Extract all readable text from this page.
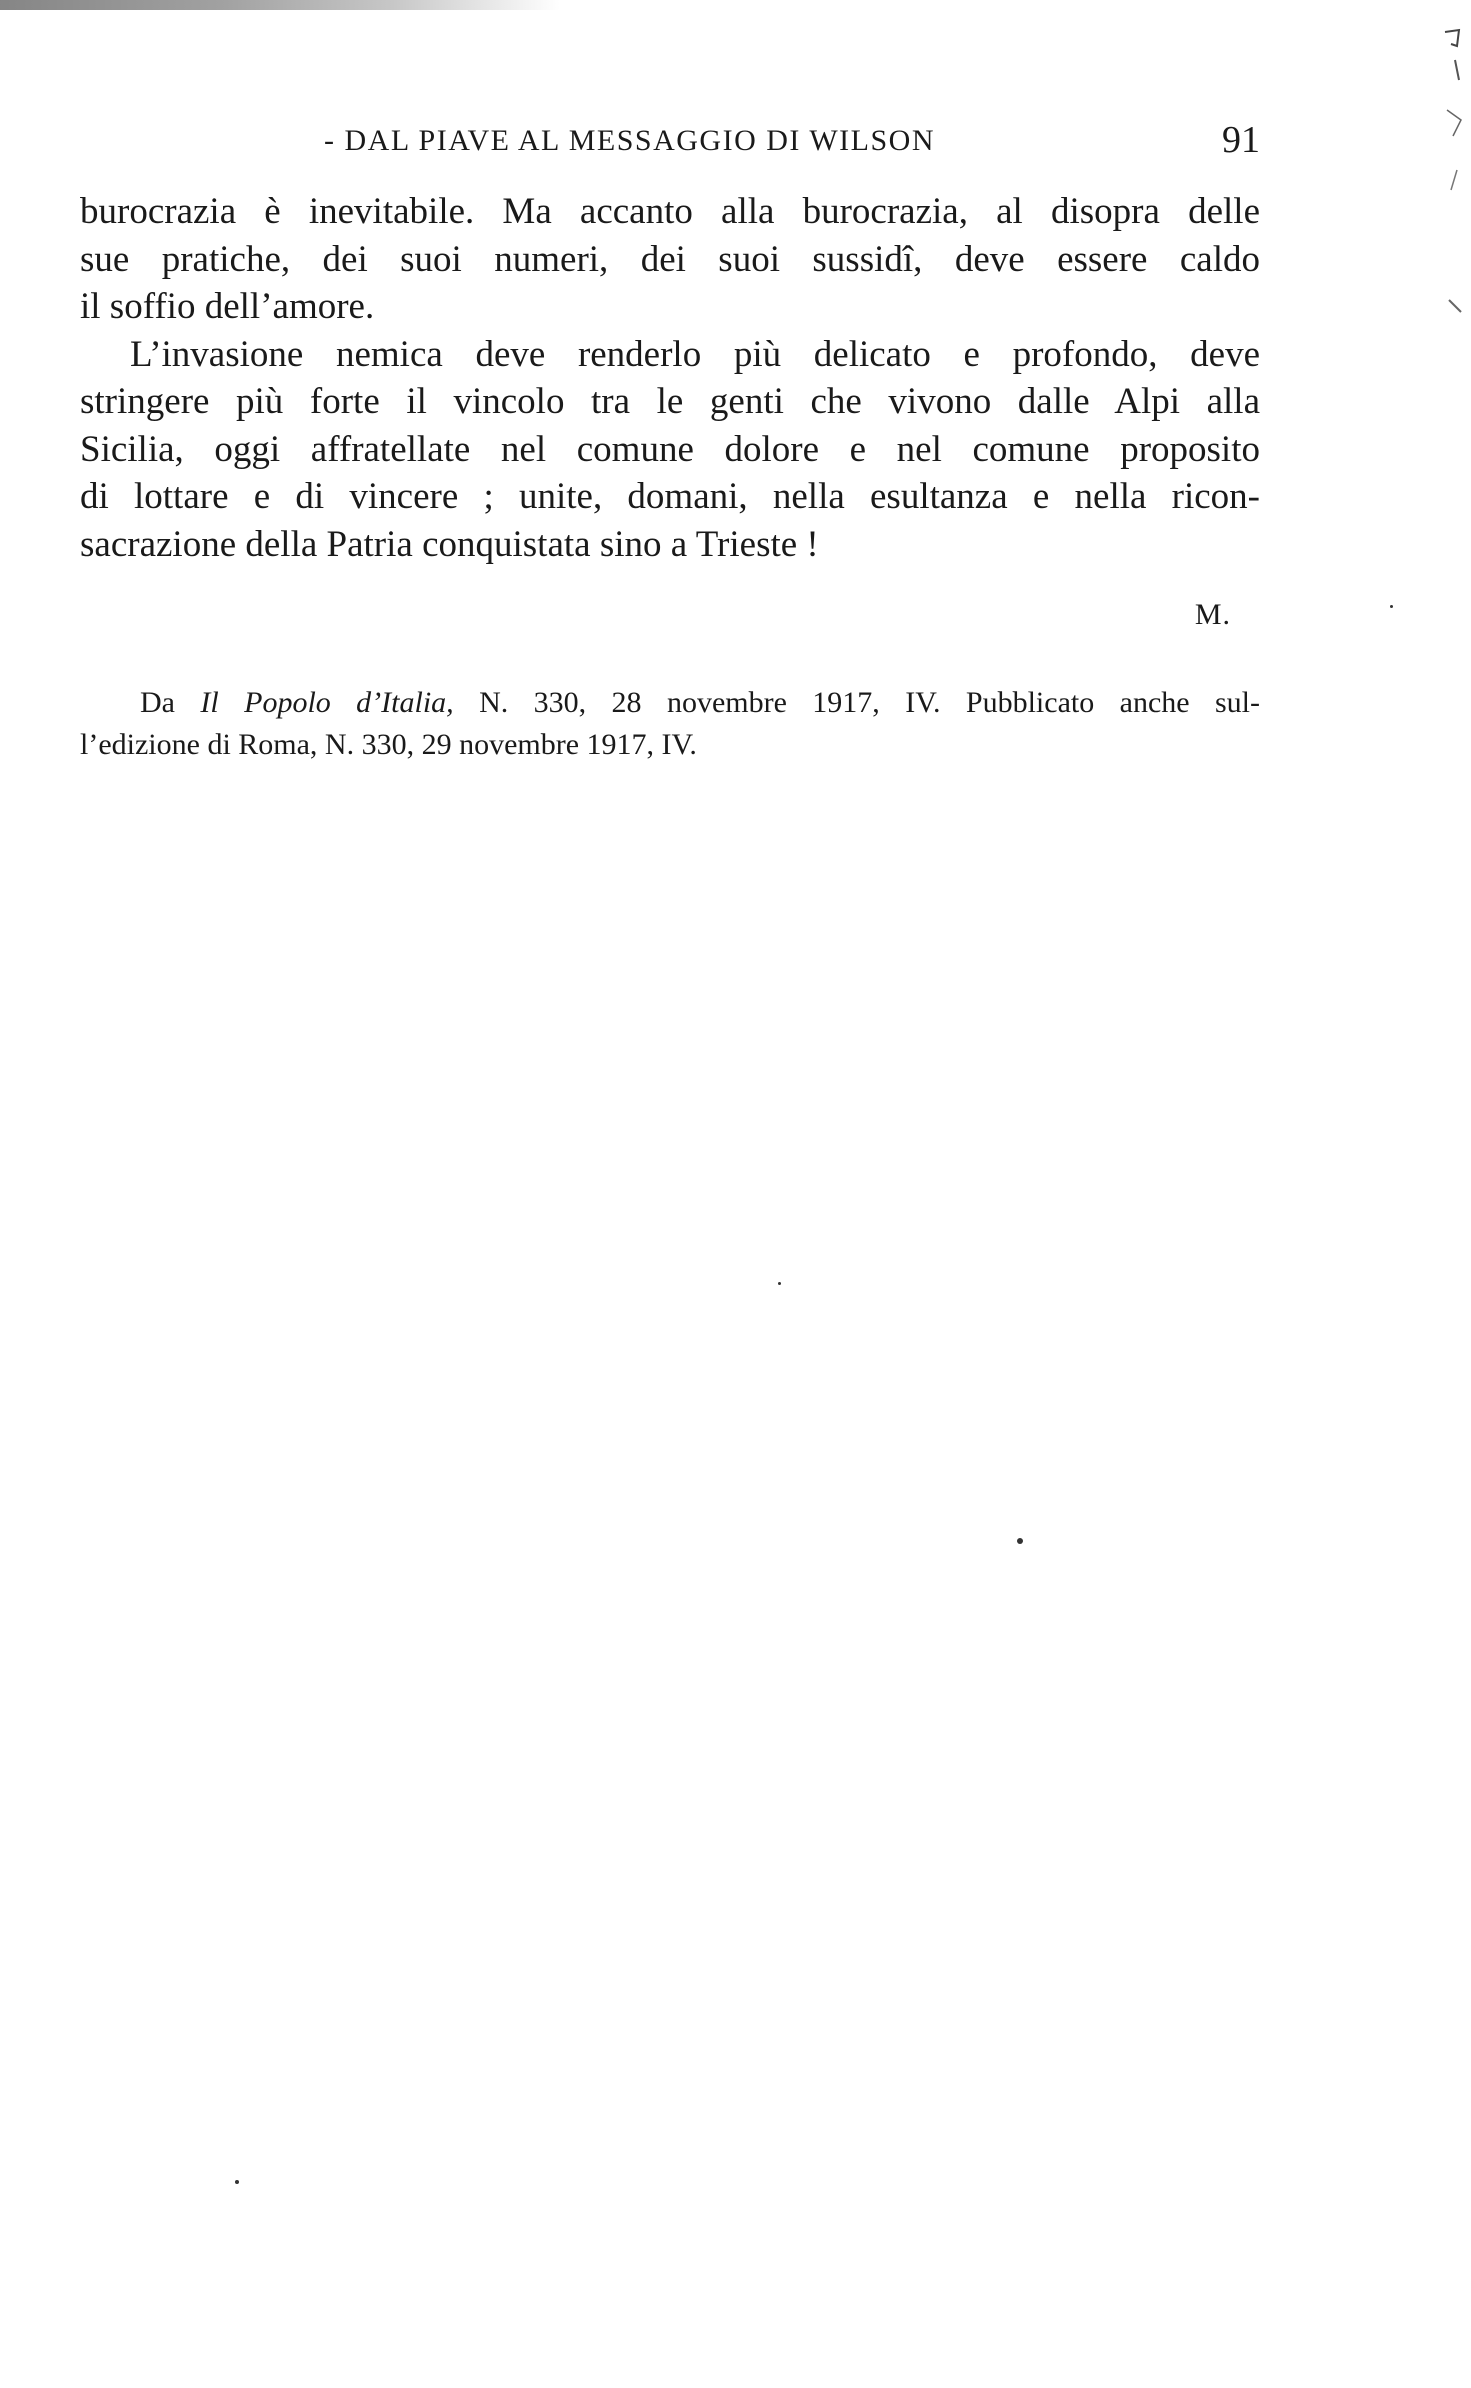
- DAL PIAVE AL MESSAGGIO DI WILSON	91

burocrazia è inevitabile. Ma accanto alla burocrazia, al disopra delle
sue pratiche, dei suoi numeri, dei suoi sussidî, deve essere caldo
il soffio dell’amore.

L’invasione nemica deve renderlo più delicato e profondo, deve
stringere più forte il vincolo tra le genti che vivono dalle Alpi alla
Sicilia, oggi affratellate nel comune dolore e nel comune proposito
di lottare e di vincere ; unite, domani, nella esultanza e nella ricon-
sacrazione della Patria conquistata sino a Trieste !

M.
Da Il Popolo d’Italia, N. 330, 28 novembre 1917, IV. Pubblicato anche sul-
l’edizione di Roma, N. 330, 29 novembre 1917, IV.
